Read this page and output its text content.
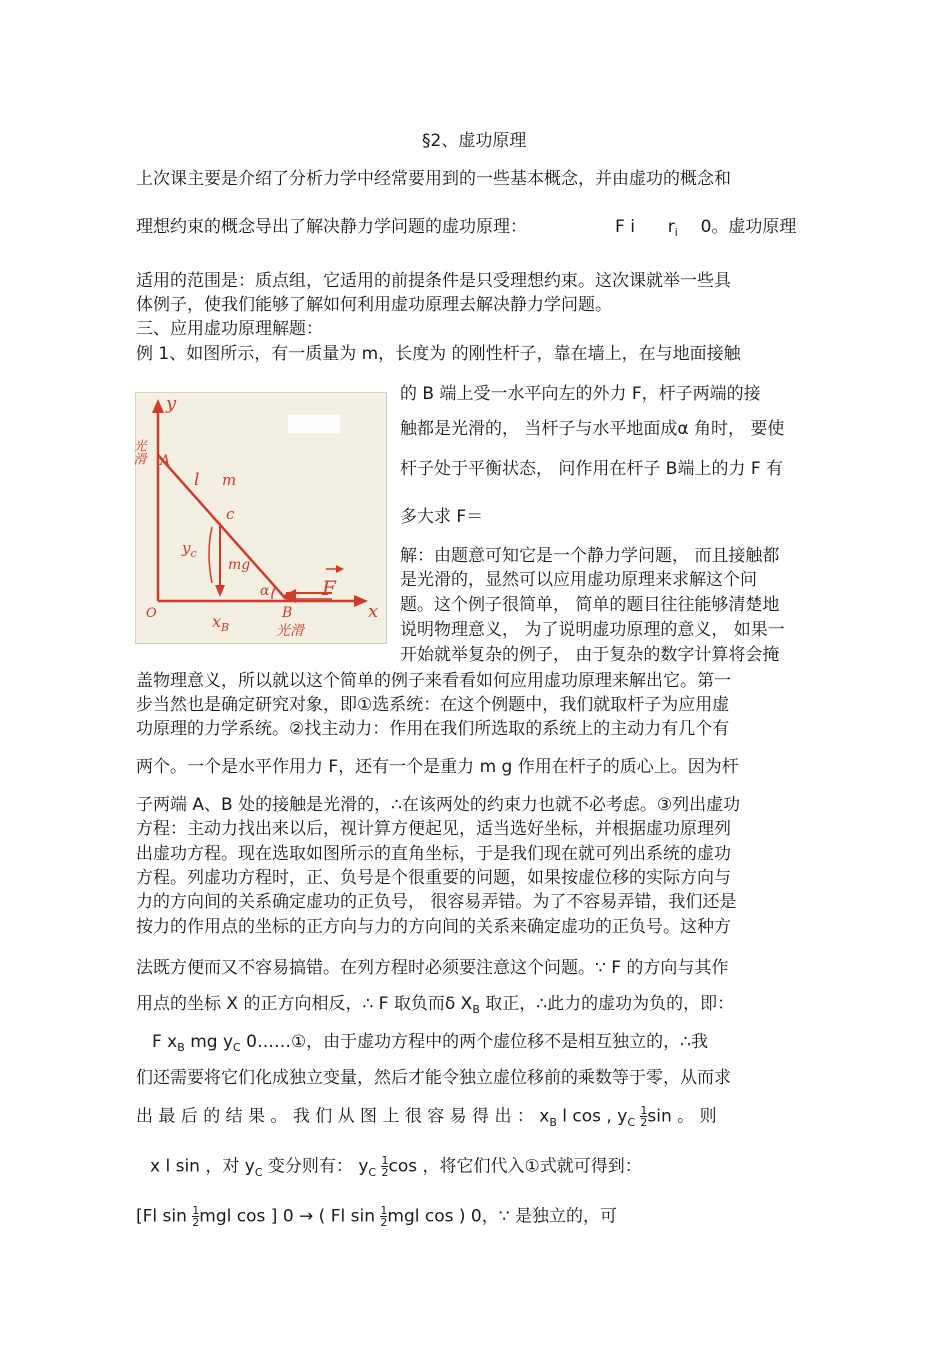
§2、虚功原理
上次课主要是介绍了分析力学中经常要用到的一些基本概念，并由虚功的概念和
理想约束的概念导出了解决静力学问题的虚功原理：	F i $r_i$ 0。虚功原理
适用的范围是：质点组，它适用的前提条件是只受理想约束。这次课就举一些具
体例子，使我们能够了解如何利用虚功原理去解决静力学问题。
三、应用虚功原理解题：
例 1、如图所示，有一质量为 m，长度为 的刚性杆子，靠在墙上，在与地面接触
的 B 端上受一水平向左的外力 F，杆子两端的接
触都是光滑的， 当杆子与水平地面成α 角时， 要使
杆子处于平衡状态， 问作用在杆子 B端上的力 F 有
多大求 F＝
解：由题意可知它是一个静力学问题， 而且接触都
是光滑的，显然可以应用虚功原理来求解这个问
题。这个例子很简单， 简单的题目往往能够清楚地
说明物理意义， 为了说明虚功原理的意义， 如果一
开始就举复杂的例子， 由于复杂的数字计算将会掩
y
x
O
A
B
c
l m
$y_c$
mg
α	F
$x_B$
光滑
光滑
盖物理意义，所以就以这个简单的例子来看看如何应用虚功原理来解出它。第一
步当然也是确定研究对象，即①选系统：在这个例题中，我们就取杆子为应用虚
功原理的力学系统。②找主动力：作用在我们所选取的系统上的主动力有几个有
两个。一个是水平作用力 F，还有一个是重力 m g 作用在杆子的质心上。因为杆
子两端 A、B 处的接触是光滑的，∴在该两处的约束力也就不必考虑。③列出虚功
方程：主动力找出来以后，视计算方便起见，适当选好坐标，并根据虚功原理列
出虚功方程。现在选取如图所示的直角坐标，于是我们现在就可列出系统的虚功
方程。列虚功方程时，正、负号是个很重要的问题，如果按虚位移的实际方向与
力的方向间的关系确定虚功的正负号， 很容易弄错。为了不容易弄错，我们还是
按力的作用点的坐标的正方向与力的方向间的关系来确定虚功的正负号。这种方
法既方便而又不容易搞错。在列方程时必须要注意这个问题。∵ F 的方向与其作
用点的坐标 X 的正方向相反，∴ F 取负而δ $X_B$ 取正，∴此力的虚功为负的，即：
F $x_B$ mg $y_C$ 0……①，由于虚功方程中的两个虚位移不是相互独立的，∴我
们还需要将它们化成独立变量，然后才能令独立虚位移前的乘数等于零，从而求
出 最 后 的 结 果 。 我 们 从 图 上 很 容 易 得 出 ： $x_B$ l cos , $y_C \frac{1}{2}$ sin 。 则
x l sin ，对 $y_C$ 变分则有： $y_C \frac{1}{2}$ cos ，将它们代入①式就可得到：
[Fl $\sin \frac{1}{2}$ mgl cos ] 0 → ( Fl $\sin \frac{1}{2}$ mgl cos ) 0，∵ 是独立的，可
